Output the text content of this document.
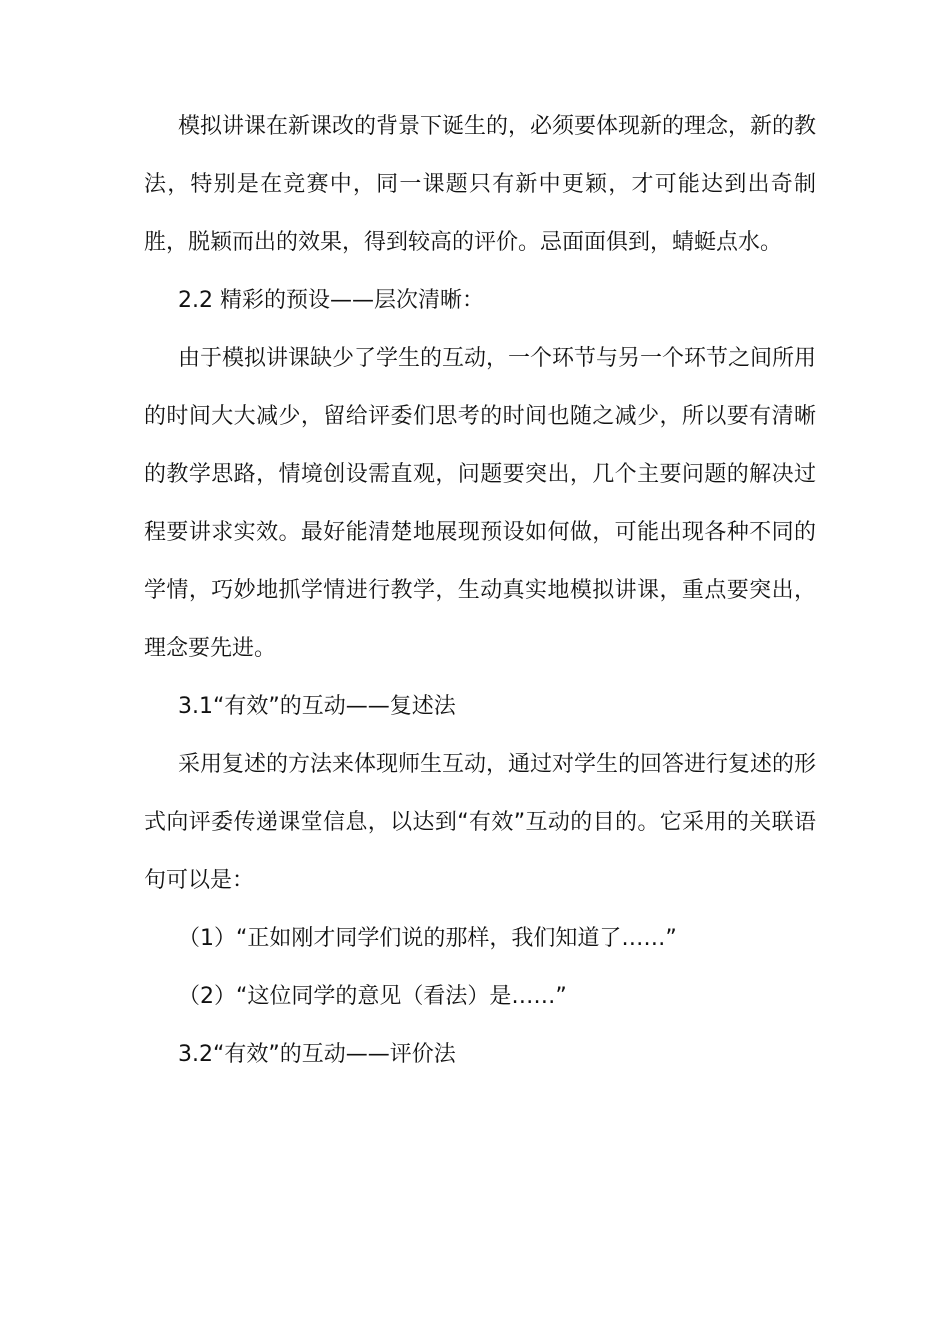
模拟讲课在新课改的背景下诞生的，必须要体现新的理念，新的教法，特别是在竞赛中，同一课题只有新中更颖，才可能达到出奇制胜，脱颖而出的效果，得到较高的评价。忌面面俱到，蜻蜓点水。

2.2 精彩的预设——层次清晰：

由于模拟讲课缺少了学生的互动，一个环节与另一个环节之间所用的时间大大减少，留给评委们思考的时间也随之减少，所以要有清晰的教学思路，情境创设需直观，问题要突出，几个主要问题的解决过程要讲求实效。最好能清楚地展现预设如何做，可能出现各种不同的学情，巧妙地抓学情进行教学，生动真实地模拟讲课，重点要突出，理念要先进。

3.1“有效”的互动——复述法

采用复述的方法来体现师生互动，通过对学生的回答进行复述的形式向评委传递课堂信息，以达到“有效”互动的目的。它采用的关联语句可以是：

（1）“正如刚才同学们说的那样，我们知道了……”

（2）“这位同学的意见（看法）是……”

3.2“有效”的互动——评价法
